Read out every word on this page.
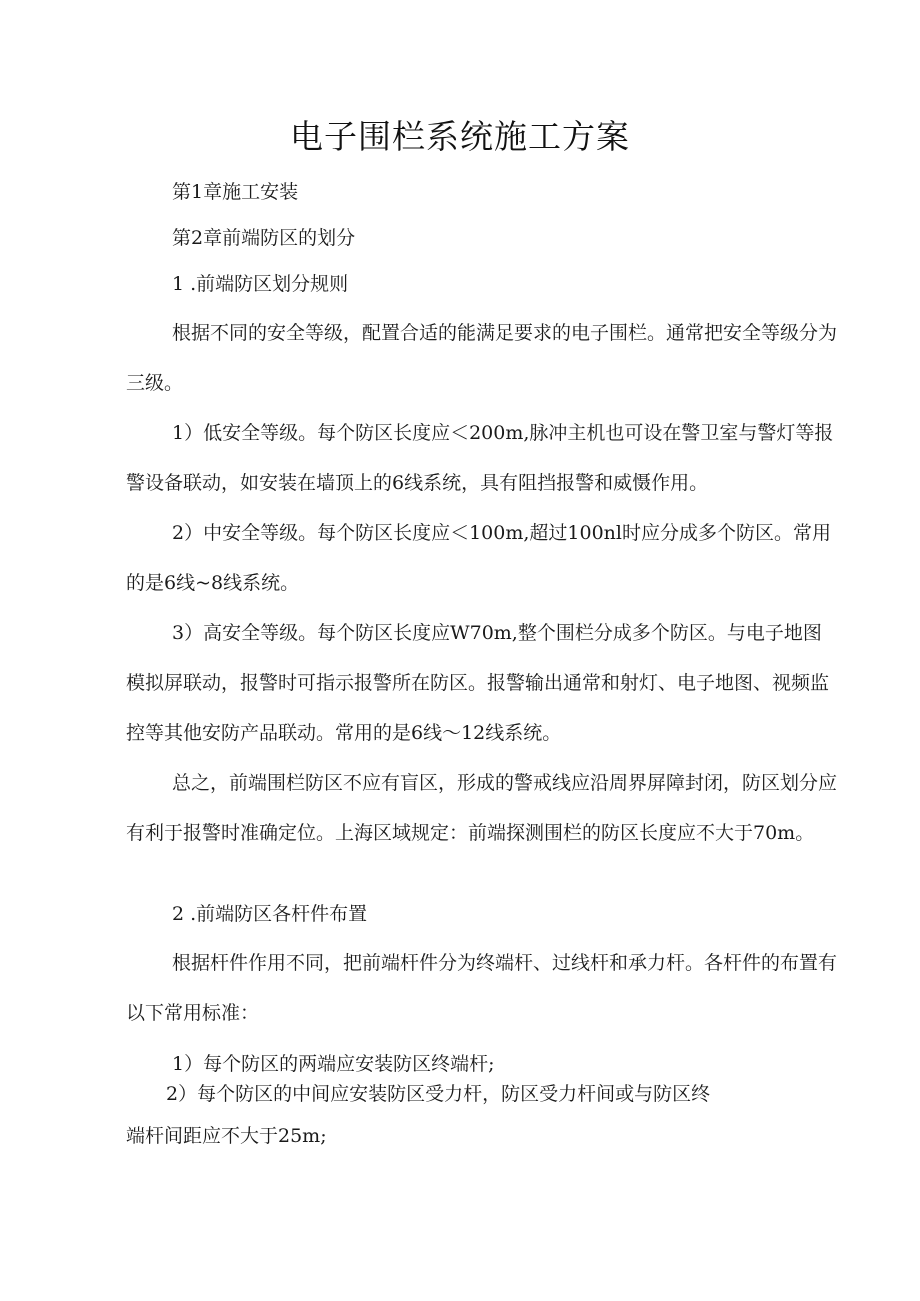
电子围栏系统施工方案
第1章施工安装
第2章前端防区的划分
1 .前端防区划分规则

根据不同的安全等级，配置合适的能满足要求的电子围栏。通常把安全等级分为三级。

1）低安全等级。每个防区长度应＜200m,脉冲主机也可设在警卫室与警灯等报警设备联动，如安装在墙顶上的6线系统，具有阻挡报警和威慑作用。

2）中安全等级。每个防区长度应＜100m,超过100nl时应分成多个防区。常用的是6线~8线系统。

3）高安全等级。每个防区长度应W70m,整个围栏分成多个防区。与电子地图模拟屏联动，报警时可指示报警所在防区。报警输出通常和射灯、电子地图、视频监控等其他安防产品联动。常用的是6线～12线系统。

总之，前端围栏防区不应有盲区，形成的警戒线应沿周界屏障封闭，防区划分应有利于报警时准确定位。上海区域规定：前端探测围栏的防区长度应不大于70m。

2 .前端防区各杆件布置

根据杆件作用不同，把前端杆件分为终端杆、过线杆和承力杆。各杆件的布置有以下常用标准：

1）每个防区的两端应安装防区终端杆;
2）每个防区的中间应安装防区受力杆，防区受力杆间或与防区终
端杆间距应不大于25m;
